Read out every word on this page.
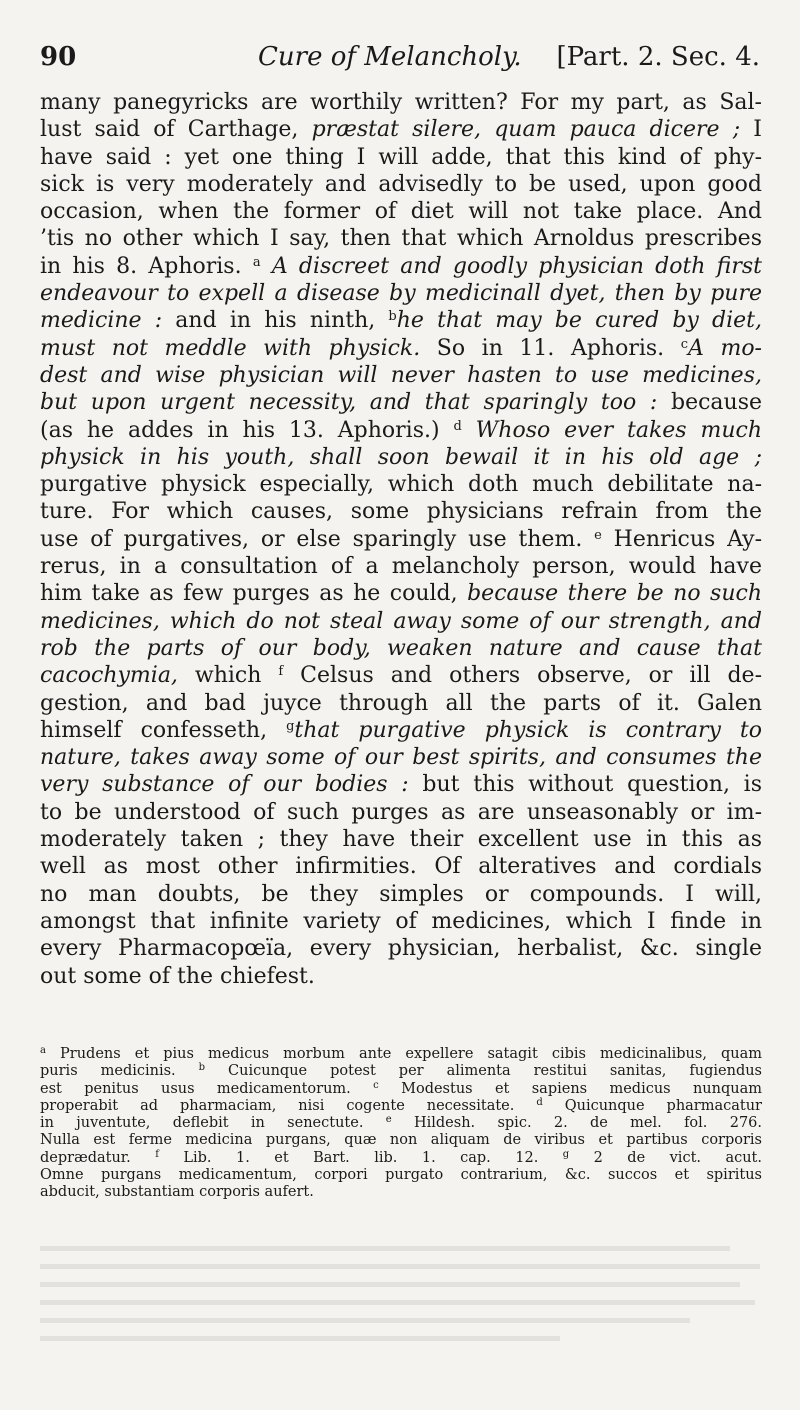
90	Cure of Melancholy. [Part. 2. Sec. 4.
many panegyricks are worthily written? For my part, as Sal-
lust said of Carthage, præstat silere, quam pauca dicere ; I
have said : yet one thing I will adde, that this kind of phy-
sick is very moderately and advisedly to be used, upon good
occasion, when the former of diet will not take place. And
’tis no other which I say, then that which Arnoldus prescribes
in his 8. Aphoris. $^a$ A discreet and goodly physician doth first
endeavour to expell a disease by medicinall dyet, then by pure
medicine : and in his ninth, $^b$he that may be cured by diet,
must not meddle with physick. So in 11. Aphoris. $^c$A mo-
dest and wise physician will never hasten to use medicines,
but upon urgent necessity, and that sparingly too : because
(as he addes in his 13. Aphoris.) $^d$ Whoso ever takes much
physick in his youth, shall soon bewail it in his old age ;
purgative physick especially, which doth much debilitate na-
ture. For which causes, some physicians refrain from the
use of purgatives, or else sparingly use them. $^e$ Henricus Ay-
rerus, in a consultation of a melancholy person, would have
him take as few purges as he could, because there be no such
medicines, which do not steal away some of our strength, and
rob the parts of our body, weaken nature and cause that
cacochymia, which $^f$ Celsus and others observe, or ill de-
gestion, and bad juyce through all the parts of it. Galen
himself confesseth, $^g$that purgative physick is contrary to
nature, takes away some of our best spirits, and consumes the
very substance of our bodies : but this without question, is
to be understood of such purges as are unseasonably or im-
moderately taken ; they have their excellent use in this as
well as most other infirmities. Of alteratives and cordials
no man doubts, be they simples or compounds. I will,
amongst that infinite variety of medicines, which I finde in
every Pharmacopœïa, every physician, herbalist, &c. single
out some of the chiefest.
$^a$ Prudens et pius medicus morbum ante expellere satagit cibis medicinalibus, quam
puris medicinis. $^b$ Cuicunque potest per alimenta restitui sanitas, fugiendus
est penitus usus medicamentorum. $^c$ Modestus et sapiens medicus nunquam
properabit ad pharmaciam, nisi cogente necessitate. $^d$ Quicunque pharmacatur
in juventute, deflebit in senectute. $^e$ Hildesh. spic. 2. de mel. fol. 276.
Nulla est ferme medicina purgans, quæ non aliquam de viribus et partibus corporis
deprædatur. $^f$ Lib. 1. et Bart. lib. 1. cap. 12. $^g$ 2 de vict. acut.
Omne purgans medicamentum, corpori purgato contrarium, &c. succos et spiritus
abducit, substantiam corporis aufert.
